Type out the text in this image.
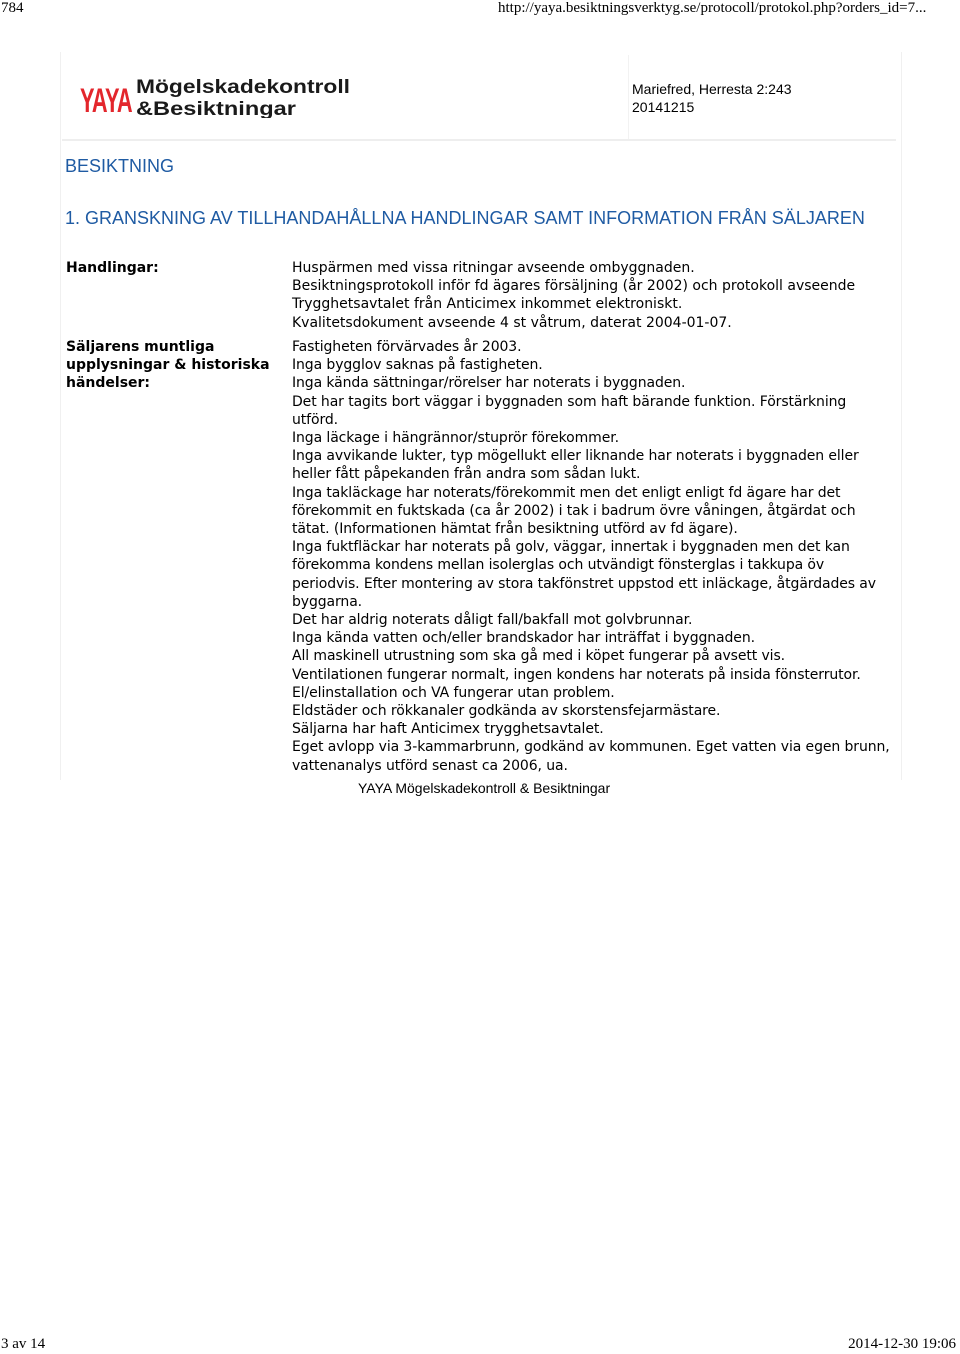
784	http://yaya.besiktningsverktyg.se/protocoll/protokol.php?orders_id=7...
YAYA Mögelskadekontroll
&Besiktningar
Mariefred, Herresta 2:243
20141215
BESIKTNING
1. GRANSKNING AV TILLHANDAHÅLLNA HANDLINGAR SAMT INFORMATION FRÅN SÄLJAREN
Handlingar:	Huspärmen med vissa ritningar avseende ombyggnaden.
Besiktningsprotokoll inför fd ägares försäljning (år 2002) och protokoll avseende Trygghetsavtalet från Anticimex inkommet elektroniskt.
Kvalitetsdokument avseende 4 st våtrum, daterat 2004-01-07.
Säljarens muntliga upplysningar & historiska händelser:
Fastigheten förvärvades år 2003.
Inga bygglov saknas på fastigheten.
Inga kända sättningar/rörelser har noterats i byggnaden.
Det har tagits bort väggar i byggnaden som haft bärande funktion. Förstärkning utförd.
Inga läckage i hängrännor/stuprör förekommer.
Inga avvikande lukter, typ mögellukt eller liknande har noterats i byggnaden eller heller fått påpekanden från andra som sådan lukt.
Inga takläckage har noterats/förekommit men det enligt enligt fd ägare har det förekommit en fuktskada (ca år 2002) i tak i badrum övre våningen, åtgärdat och tätat. (Informationen hämtat från besiktning utförd av fd ägare).
Inga fuktfläckar har noterats på golv, väggar, innertak i byggnaden men det kan förekomma kondens mellan isolerglas och utvändigt fönsterglas i takkupa öv periodvis. Efter montering av stora takfönstret uppstod ett inläckage, åtgärdades av byggarna.
Det har aldrig noterats dåligt fall/bakfall mot golvbrunnar.
Inga kända vatten och/eller brandskador har inträffat i byggnaden.
All maskinell utrustning som ska gå med i köpet fungerar på avsett vis.
Ventilationen fungerar normalt, ingen kondens har noterats på insida fönsterrutor.
El/elinstallation och VA fungerar utan problem.
Eldstäder och rökkanaler godkända av skorstensfejarmästare.
Säljarna har haft Anticimex trygghetsavtalet.
Eget avlopp via 3-kammarbrunn, godkänd av kommunen. Eget vatten via egen brunn, vattenanalys utförd senast ca 2006, ua.
YAYA Mögelskadekontroll & Besiktningar
3 av 14	2014-12-30 19:06
